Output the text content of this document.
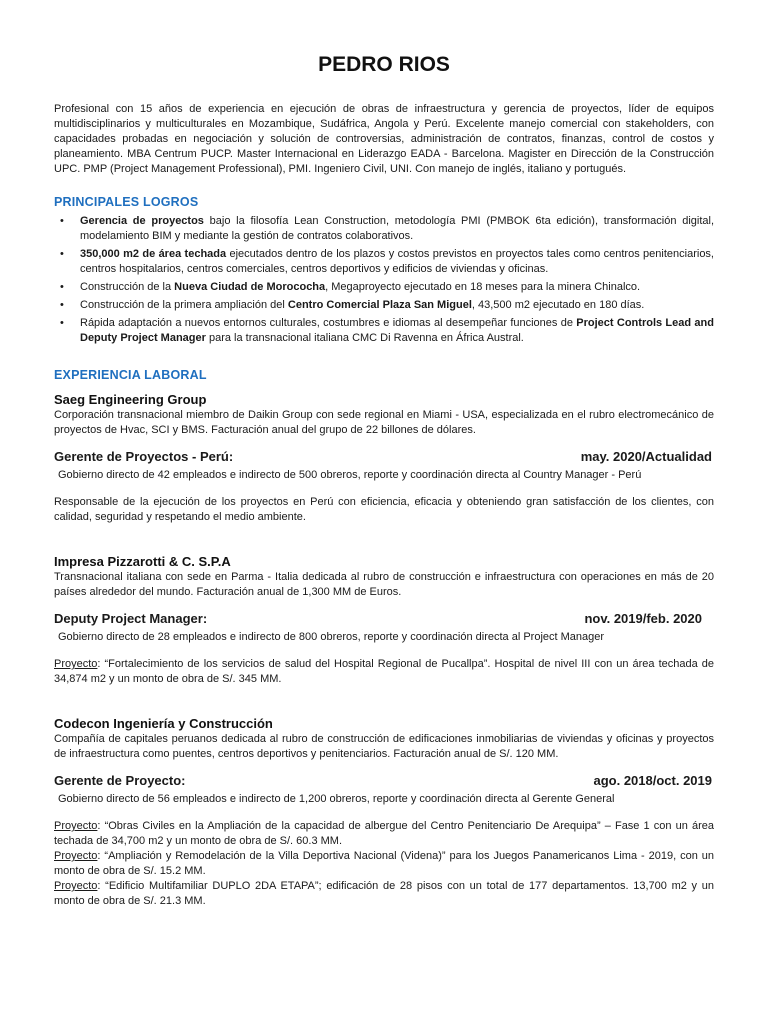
PEDRO RIOS

Profesional con 15 años de experiencia en ejecución de obras de infraestructura y gerencia de proyectos, líder de equipos multidisciplinarios y multiculturales en Mozambique, Sudáfrica, Angola y Perú. Excelente manejo comercial con stakeholders, con capacidades probadas en negociación y solución de controversias, administración de contratos, finanzas, control de costos y planeamiento. MBA Centrum PUCP. Master Internacional en Liderazgo EADA - Barcelona. Magister en Dirección de la Construcción UPC. PMP (Project Management Professional), PMI. Ingeniero Civil, UNI. Con manejo de inglés, italiano y portugués.

PRINCIPALES LOGROS
• Gerencia de proyectos bajo la filosofía Lean Construction, metodología PMI (PMBOK 6ta edición), transformación digital, modelamiento BIM y mediante la gestión de contratos colaborativos.
• 350,000 m2 de área techada ejecutados dentro de los plazos y costos previstos en proyectos tales como centros penitenciarios, centros hospitalarios, centros comerciales, centros deportivos y edificios de viviendas y oficinas.
• Construcción de la Nueva Ciudad de Morococha, Megaproyecto ejecutado en 18 meses para la minera Chinalco.
• Construcción de la primera ampliación del Centro Comercial Plaza San Miguel, 43,500 m2 ejecutado en 180 días.
• Rápida adaptación a nuevos entornos culturales, costumbres e idiomas al desempeñar funciones de Project Controls Lead and Deputy Project Manager para la transnacional italiana CMC Di Ravenna en África Austral.
EXPERIENCIA LABORAL
Saeg Engineering Group

Corporación transnacional miembro de Daikin Group con sede regional en Miami - USA, especializada en el rubro electromecánico de proyectos de Hvac, SCI y BMS. Facturación anual del grupo de 22 billones de dólares.

Gerente de Proyectos - Perú:	may. 2020/Actualidad
Gobierno directo de 42 empleados e indirecto de 500 obreros, reporte y coordinación directa al Country Manager - Perú

Responsable de la ejecución de los proyectos en Perú con eficiencia, eficacia y obteniendo gran satisfacción de los clientes, con calidad, seguridad y respetando el medio ambiente.

Impresa Pizzarotti & C. S.P.A

Transnacional italiana con sede en Parma - Italia dedicada al rubro de construcción e infraestructura con operaciones en más de 20 países alrededor del mundo. Facturación anual de 1,300 MM de Euros.

Deputy Project Manager:	nov. 2019/feb. 2020
Gobierno directo de 28 empleados e indirecto de 800 obreros, reporte y coordinación directa al Project Manager

Proyecto: “Fortalecimiento de los servicios de salud del Hospital Regional de Pucallpa”. Hospital de nivel III con un área techada de 34,874 m2 y un monto de obra de S/. 345 MM.

Codecon Ingeniería y Construcción

Compañía de capitales peruanos dedicada al rubro de construcción de edificaciones inmobiliarias de viviendas y oficinas y proyectos de infraestructura como puentes, centros deportivos y penitenciarios. Facturación anual de S/. 120 MM.

Gerente de Proyecto:	ago. 2018/oct. 2019
Gobierno directo de 56 empleados e indirecto de 1,200 obreros, reporte y coordinación directa al Gerente General

Proyecto: “Obras Civiles en la Ampliación de la capacidad de albergue del Centro Penitenciario De Arequipa” – Fase 1 con un área techada de 34,700 m2 y un monto de obra de S/. 60.3 MM.

Proyecto: “Ampliación y Remodelación de la Villa Deportiva Nacional (Videna)” para los Juegos Panamericanos Lima - 2019, con un monto de obra de S/. 15.2 MM.

Proyecto: “Edificio Multifamiliar DUPLO 2DA ETAPA”; edificación de 28 pisos con un total de 177 departamentos. 13,700 m2 y un monto de obra de S/. 21.3 MM.
